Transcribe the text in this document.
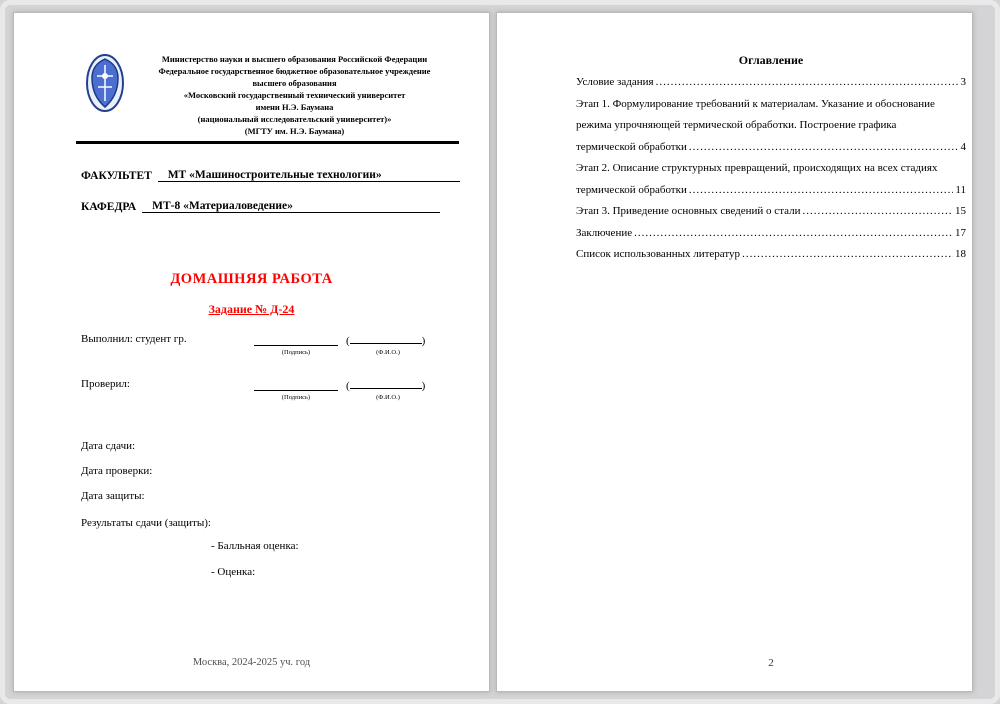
Министерство науки и высшего образования Российской Федерации
Федеральное государственное бюджетное образовательное учреждение
высшего образования
«Московский государственный технический университет
имени Н.Э. Баумана
(национальный исследовательский университет)»
(МГТУ им. Н.Э. Баумана)
ФАКУЛЬТЕТ МТ «Машиностроительные технологии»
КАФЕДРА МТ-8 «Материаловедение»
ДОМАШНЯЯ РАБОТА
Задание № Д-24
Выполнил: студент гр.	(	)
(Подпись)	(Ф.И.О.)
Проверил:	(	)
(Подпись)	(Ф.И.О.)
Дата сдачи:
Дата проверки:
Дата защиты:
Результаты сдачи (защиты):
- Балльная оценка:
- Оценка:
Москва, 2024-2025 уч. год
Оглавление
Условие задания .....	3
Этап 1. Формулирование требований к материалам. Указание и обоснование
режима упрочняющей термической обработки. Построение графика
термической обработки .....	4
Этап 2. Описание структурных превращений, происходящих на всех стадиях
термической обработки .....	11
Этап 3. Приведение основных сведений о стали .....	15
Заключение .....	17
Список использованных литератур .....	18
2
